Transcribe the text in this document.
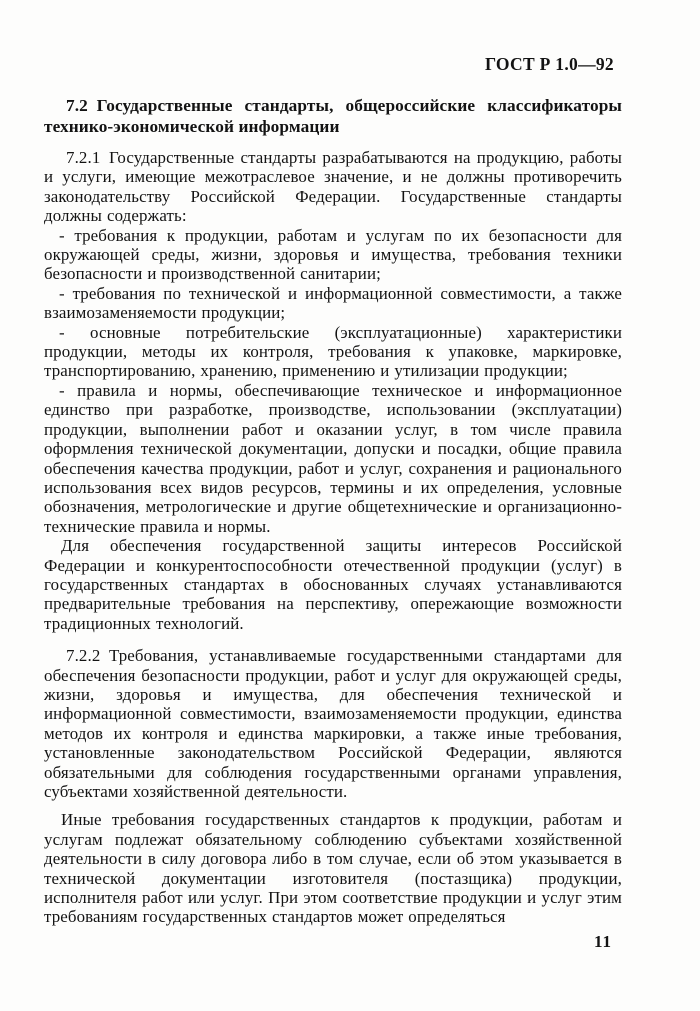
ГОСТ Р 1.0—92
7.2 Государственные стандарты, общероссийские классификаторы технико-экономической информации

7.2.1 Государственные стандарты разрабатываются на продукцию, работы и услуги, имеющие межотраслевое значение, и не должны противоречить законодательству Российской Федерации. Государственные стандарты должны содержать:

- требования к продукции, работам и услугам по их безопасности для окружающей среды, жизни, здоровья и имущества, требования техники безопасности и производственной санитарии;

- требования по технической и информационной совместимости, а также взаимозаменяемости продукции;

- основные потребительские (эксплуатационные) характеристики продукции, методы их контроля, требования к упаковке, маркировке, транспортированию, хранению, применению и утилизации продукции;

- правила и нормы, обеспечивающие техническое и информационное единство при разработке, производстве, использовании (эксплуатации) продукции, выполнении работ и оказании услуг, в том числе правила оформления технической документации, допуски и посадки, общие правила обеспечения качества продукции, работ и услуг, сохранения и рационального использования всех видов ресурсов, термины и их определения, условные обозначения, метрологические и другие общетехнические и организационно-технические правила и нормы.

Для обеспечения государственной защиты интересов Российской Федерации и конкурентоспособности отечественной продукции (услуг) в государственных стандартах в обоснованных случаях устанавливаются предварительные требования на перспективу, опережающие возможности традиционных технологий.

7.2.2 Требования, устанавливаемые государственными стандартами для обеспечения безопасности продукции, работ и услуг для окружающей среды, жизни, здоровья и имущества, для обеспечения технической и информационной совместимости, взаимозаменяемости продукции, единства методов их контроля и единства маркировки, а также иные требования, установленные законодательством Российской Федерации, являются обязательными для соблюдения государственными органами управления, субъектами хозяйственной деятельности.

Иные требования государственных стандартов к продукции, работам и услугам подлежат обязательному соблюдению субъектами хозяйственной деятельности в силу договора либо в том случае, если об этом указывается в технической документации изготовителя (постазщика) продукции, исполнителя работ или услуг. При этом соответствие продукции и услуг этим требованиям государственных стандартов может определяться

11
